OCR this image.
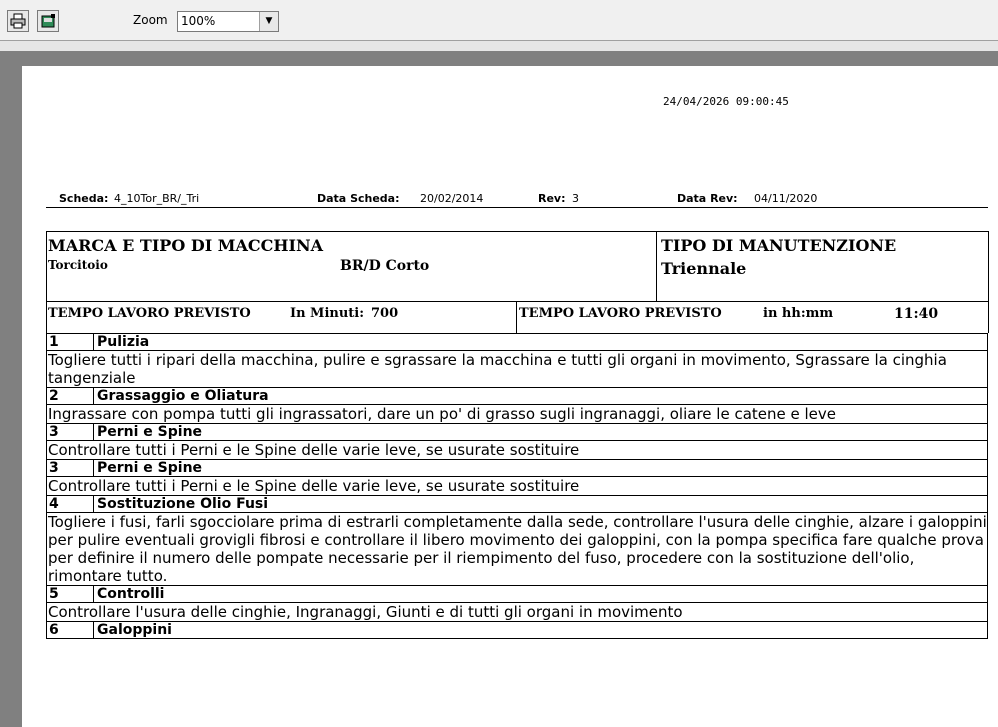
Zoom 100%	▼
24/04/2026 09:00:45
Scheda: 4_10Tor_BR/_Tri	Data Scheda: 20/02/2014	Rev: 3	Data Rev: 04/11/2020
MARCA E TIPO DI MACCHINA
Torcitoio	BR/D Corto
TIPO DI MANUTENZIONE
Triennale
TEMPO LAVORO PREVISTO	In Minuti: 700	TEMPO LAVORO PREVISTO	in hh:mm	11:40
1	Pulizia
Togliere tutti i ripari della macchina, pulire e sgrassare la macchina e tutti gli organi in movimento, Sgrassare la cinghia tangenziale
2	Grassaggio e Oliatura
Ingrassare con pompa tutti gli ingrassatori, dare un po' di grasso sugli ingranaggi, oliare le catene e leve
3	Perni e Spine
Controllare tutti i Perni e le Spine delle varie leve, se usurate sostituire
3	Perni e Spine
Controllare tutti i Perni e le Spine delle varie leve, se usurate sostituire
4	Sostituzione Olio Fusi
Togliere i fusi, farli sgocciolare prima di estrarli completamente dalla sede, controllare l'usura delle cinghie, alzare i galoppini per pulire eventuali grovigli fibrosi e controllare il libero movimento dei galoppini, con la pompa specifica fare qualche prova per definire il numero delle pompate necessarie per il riempimento del fuso, procedere con la sostituzione dell'olio, rimontare tutto.
5	Controlli
Controllare l'usura delle cinghie, Ingranaggi, Giunti e di tutti gli organi in movimento
6	Galoppini
